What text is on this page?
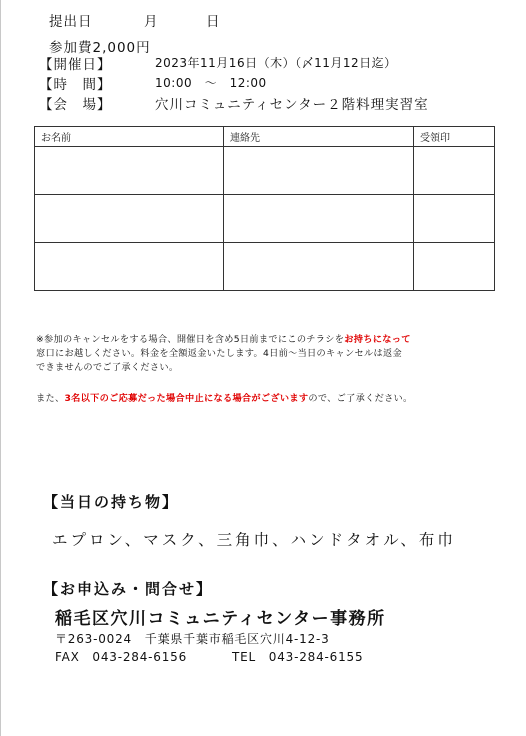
提出日	月	日
参加費2,000円
【開催日】	2023年11月16日（木）（〆11月12日迄）
【時　間】	10:00　～　12:00
【会　場】	穴川コミュニティセンター２階料理実習室
お名前	連絡先	受領印

※参加のキャンセルをする場合、開催日を含め5日前までにこのチラシをお持ちになって
窓口にお越しください。料金を全額返金いたします。4日前～当日のキャンセルは返金
できませんのでご了承ください。
また、3名以下のご応募だった場合中止になる場合がございますので、ご了承ください。
【当日の持ち物】
エプロン、マスク、三角巾、ハンドタオル、布巾
【お申込み・問合せ】
稲毛区穴川コミュニティセンター事務所
〒263-0024　千葉県千葉市稲毛区穴川4-12-3
FAX　043-284-6156	TEL　043-284-6155
